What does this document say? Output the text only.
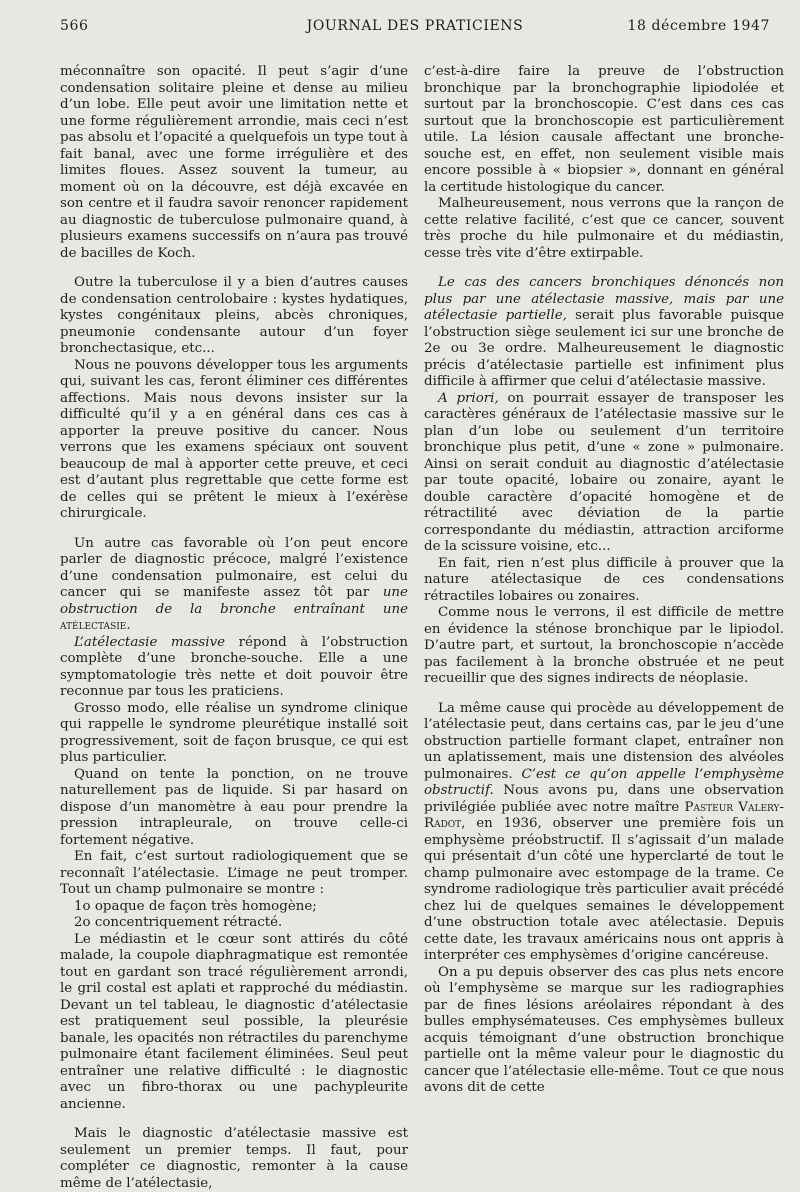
566	JOURNAL DES PRATICIENS	18 décembre 1947

méconnaître son opacité. Il peut s’agir d’une condensation solitaire pleine et dense au milieu d’un lobe. Elle peut avoir une limitation nette et une forme régulièrement arrondie, mais ceci n’est pas absolu et l’opacité a quelquefois un type tout à fait banal, avec une forme irrégulière et des limites floues. Assez souvent la tumeur, au moment où on la découvre, est déjà excavée en son centre et il faudra savoir renoncer rapidement au diagnostic de tuberculose pulmonaire quand, à plusieurs examens successifs on n’aura pas trouvé de bacilles de Koch.

Outre la tuberculose il y a bien d’autres causes de condensation centrolobaire : kystes hydatiques, kystes congénitaux pleins, abcès chroniques, pneumonie condensante autour d’un foyer bronchectasique, etc...

Nous ne pouvons développer tous les arguments qui, suivant les cas, feront éliminer ces différentes affections. Mais nous devons insister sur la difficulté qu’il y a en général dans ces cas à apporter la preuve positive du cancer. Nous verrons que les examens spéciaux ont souvent beaucoup de mal à apporter cette preuve, et ceci est d’autant plus regrettable que cette forme est de celles qui se prêtent le mieux à l’exérèse chirurgicale.

Un autre cas favorable où l’on peut encore parler de diagnostic précoce, malgré l’existence d’une condensation pulmonaire, est celui du cancer qui se manifeste assez tôt par une obstruction de la bronche entraînant une atélectasie.

L’atélectasie massive répond à l’obstruction complète d’une bronche-souche. Elle a une symptomatologie très nette et doit pouvoir être reconnue par tous les praticiens.

Grosso modo, elle réalise un syndrome clinique qui rappelle le syndrome pleurétique installé soit progressivement, soit de façon brusque, ce qui est plus particulier.

Quand on tente la ponction, on ne trouve naturellement pas de liquide. Si par hasard on dispose d’un manomètre à eau pour prendre la pression intrapleurale, on trouve celle-ci fortement négative.

En fait, c’est surtout radiologiquement que se reconnaît l’atélectasie. L’image ne peut tromper. Tout un champ pulmonaire se montre :

1o opaque de façon très homogène;
2o concentriquement rétracté.

Le médiastin et le cœur sont attirés du côté malade, la coupole diaphragmatique est remontée tout en gardant son tracé régulièrement arrondi, le gril costal est aplati et rapproché du médiastin. Devant un tel tableau, le diagnostic d’atélectasie est pratiquement seul possible, la pleurésie banale, les opacités non rétractiles du parenchyme pulmonaire étant facilement éliminées. Seul peut entraîner une relative difficulté : le diagnostic avec un fibro-thorax ou une pachypleurite ancienne.

Mais le diagnostic d’atélectasie massive est seulement un premier temps. Il faut, pour compléter ce diagnostic, remonter à la cause même de l’atélectasie,

c’est-à-dire faire la preuve de l’obstruction bronchique par la bronchographie lipiodolée et surtout par la bronchoscopie. C’est dans ces cas surtout que la bronchoscopie est particulièrement utile. La lésion causale affectant une bronche-souche est, en effet, non seulement visible mais encore possible à « biopsier », donnant en général la certitude histologique du cancer.

Malheureusement, nous verrons que la rançon de cette relative facilité, c’est que ce cancer, souvent très proche du hile pulmonaire et du médiastin, cesse très vite d’être extirpable.

Le cas des cancers bronchiques dénoncés non plus par une atélectasie massive, mais par une atélectasie partielle, serait plus favorable puisque l’obstruction siège seulement ici sur une bronche de 2e ou 3e ordre. Malheureusement le diagnostic précis d’atélectasie partielle est infiniment plus difficile à affirmer que celui d’atélectasie massive.

A priori, on pourrait essayer de transposer les caractères généraux de l’atélectasie massive sur le plan d’un lobe ou seulement d’un territoire bronchique plus petit, d’une « zone » pulmonaire. Ainsi on serait conduit au diagnostic d’atélectasie par toute opacité, lobaire ou zonaire, ayant le double caractère d’opacité homogène et de rétractilité avec déviation de la partie correspondante du médiastin, attraction arciforme de la scissure voisine, etc...

En fait, rien n’est plus difficile à prouver que la nature atélectasique de ces condensations rétractiles lobaires ou zonaires.

Comme nous le verrons, il est difficile de mettre en évidence la sténose bronchique par le lipiodol. D’autre part, et surtout, la bronchoscopie n’accède pas facilement à la bronche obstruée et ne peut recueillir que des signes indirects de néoplasie.

La même cause qui procède au développement de l’atélectasie peut, dans certains cas, par le jeu d’une obstruction partielle formant clapet, entraîner non un aplatissement, mais une distension des alvéoles pulmonaires. C’est ce qu’on appelle l’emphysème obstructif. Nous avons pu, dans une observation privilégiée publiée avec notre maître Pasteur Valery-Radot, en 1936, observer une première fois un emphysème préobstructif. Il s’agissait d’un malade qui présentait d’un côté une hyperclarté de tout le champ pulmonaire avec estompage de la trame. Ce syndrome radiologique très particulier avait précédé chez lui de quelques semaines le développement d’une obstruction totale avec atélectasie. Depuis cette date, les travaux américains nous ont appris à interpréter ces emphysèmes d’origine cancéreuse.

On a pu depuis observer des cas plus nets encore où l’emphysème se marque sur les radiographies par de fines lésions aréolaires répondant à des bulles emphysémateuses. Ces emphysèmes bulleux acquis témoignant d’une obstruction bronchique partielle ont la même valeur pour le diagnostic du cancer que l’atélectasie elle-même. Tout ce que nous avons dit de cette
